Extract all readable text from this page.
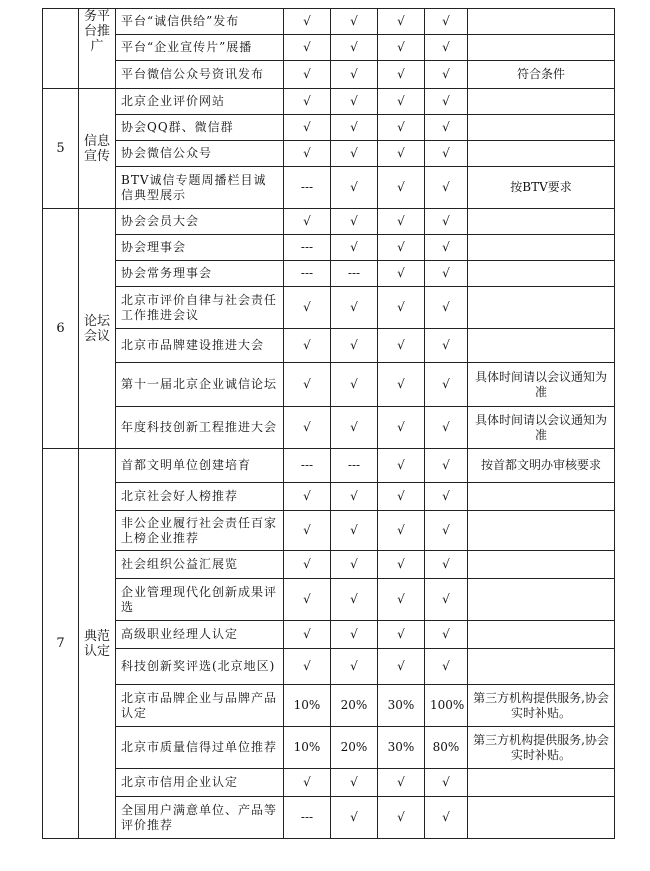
	务平台推广	平台“诚信供给”发布	√	√	√	√	
		平台“企业宣传片”展播	√	√	√	√	
		平台微信公众号资讯发布	√	√	√	√	符合条件
5	信息宣传	北京企业评价网站	√	√	√	√	
		协会QQ群、微信群	√	√	√	√	
		协会微信公众号	√	√	√	√	
		BTV诚信专题周播栏目诚信典型展示	---	√	√	√	按BTV要求
6	论坛会议	协会会员大会	√	√	√	√	
		协会理事会	---	√	√	√	
		协会常务理事会	---	---	√	√	
		北京市评价自律与社会责任工作推进会议	√	√	√	√	
		北京市品牌建设推进大会	√	√	√	√	
		第十一届北京企业诚信论坛	√	√	√	√	具体时间请以会议通知为准
		年度科技创新工程推进大会	√	√	√	√	具体时间请以会议通知为准
7	典范认定	首都文明单位创建培育	---	---	√	√	按首都文明办审核要求
		北京社会好人榜推荐	√	√	√	√	
		非公企业履行社会责任百家上榜企业推荐	√	√	√	√	
		社会组织公益汇展览	√	√	√	√	
		企业管理现代化创新成果评选	√	√	√	√	
		高级职业经理人认定	√	√	√	√	
		科技创新奖评选(北京地区)	√	√	√	√	
		北京市品牌企业与品牌产品认定	10%	20%	30%	100%	第三方机构提供服务,协会实时补贴。
		北京市质量信得过单位推荐	10%	20%	30%	80%	第三方机构提供服务,协会实时补贴。
		北京市信用企业认定	√	√	√	√	
		全国用户满意单位、产品等评价推荐	---	√	√	√	
